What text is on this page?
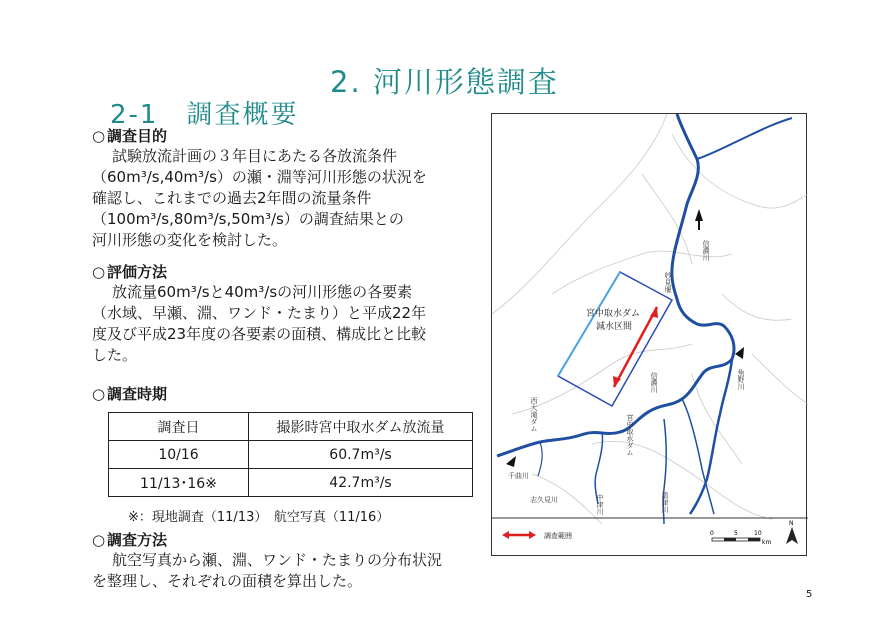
2. 河川形態調査
2-1　調査概要
○ 調査目的
試験放流計画の３年目にあたる各放流条件
（60m³/s,40m³/s）の瀬・淵等河川形態の状況を
確認し、これまでの過去2年間の流量条件
（100m³/s,80m³/s,50m³/s）の調査結果との
河川形態の変化を検討した。
○ 評価方法
放流量60m³/sと40m³/sの河川形態の各要素
（水域、早瀬、淵、ワンド・たまり）と平成22年
度及び平成23年度の各要素の面積、構成比と比較
した。
○ 調査時期
調査日	撮影時宮中取水ダム放流量
10/16	60.7m³/s
11/13･16※	42.7m³/s
※：現地調査（11/13）　航空写真（11/16）
○ 調査方法
航空写真から瀬、淵、ワンド・たまりの分布状況
を整理し、それぞれの面積を算出した。
宮中取水ダム
減水区間
信濃川
妙見堰
信濃川	魚野川
西大滝ダム	宮中取水ダム
千曲川
志久見川	中津川	清津川
調査範囲	0	5	10
km
N
5
